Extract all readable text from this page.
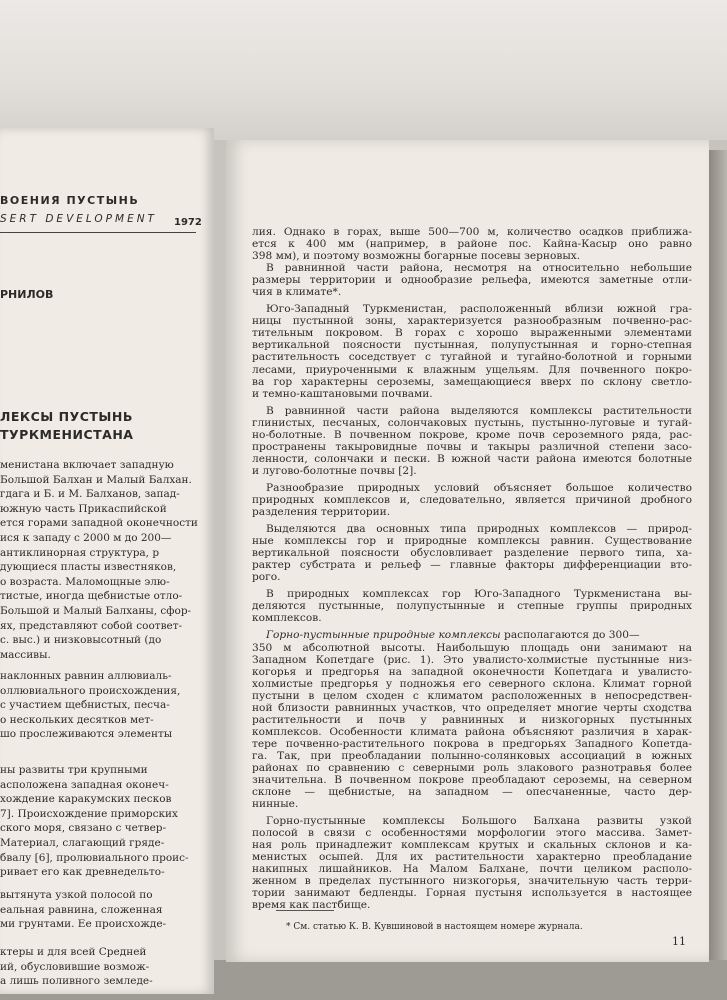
ВОЕНИЯ ПУСТЫНЬ
SERT DEVELOPMENT	1972
РНИЛОВ
ЛЕКСЫ ПУСТЫНЬ
ТУРКМЕНИСТАНА
менистана включает западную
Большой Балхан и Малый Балхан.
гдага и Б. и М. Балханов, запад-
южную часть Прикаспийской
ется горами западной оконечности
ися к западу с 2000 м до 200—
антиклинорная структура, р
дующиеся пласты известняков,
о возраста. Маломощные элю-
тистые, иногда щебнистые отло-
Большой и Малый Балханы, сфор-
ях, представляют собой соответ-
с. выс.) и низковысотный (до
массивы.
наклонных равнин аллювиаль-
оллювиального происхождения,
с участием щебнистых, песча-
о нескольких десятков мет-
шо прослеживаются элементы
ны развиты три крупными
асположена западная оконеч-
хождение каракумских песков
7]. Происхождение приморских
ского моря, связано с четвер-
Материал, слагающий гряде-
бвалу [6], пролювиального проис-
ривает его как древнедельто-
вытянута узкой полосой по
еальная равнина, сложенная
ми грунтами. Ее происхожде-
ктеры и для всей Средней
ий, обусловившие возмож-
а лишь поливного земледе-
лия. Однако в горах, выше 500—700 м, количество осадков приближа-
ется к 400 мм (например, в районе пос. Кайна-Касыр оно равно
398 мм), и поэтому возможны богарные посевы зерновых.
В равнинной части района, несмотря на относительно небольшие
размеры территории и однообразие рельефа, имеются заметные отли-
чия в климате*.
Юго-Западный Туркменистан, расположенный вблизи южной гра-
ницы пустынной зоны, характеризуется разнообразным почвенно-рас-
тительным покровом. В горах с хорошо выраженными элементами
вертикальной поясности пустынная, полупустынная и горно-степная
растительность соседствует с тугайной и тугайно-болотной и горными
лесами, приуроченными к влажным ущельям. Для почвенного покро-
ва гор характерны сероземы, замещающиеся вверх по склону светло-
и темно-каштановыми почвами.
В равнинной части района выделяются комплексы растительности
глинистых, песчаных, солончаковых пустынь, пустынно-луговые и тугай-
но-болотные. В почвенном покрове, кроме почв сероземного ряда, рас-
пространены такыровидные почвы и такыры различной степени засо-
ленности, солончаки и пески. В южной части района имеются болотные
и лугово-болотные почвы [2].
Разнообразие природных условий объясняет большое количество
природных комплексов и, следовательно, является причиной дробного
разделения территории.
Выделяются два основных типа природных комплексов — природ-
ные комплексы гор и природные комплексы равнин. Существование
вертикальной поясности обусловливает разделение первого типа, ха-
рактер субстрата и рельеф — главные факторы дифференциации вто-
рого.
В природных комплексах гор Юго-Западного Туркменистана вы-
деляются пустынные, полупустынные и степные группы природных
комплексов.
Горно-пустынные природные комплексы располагаются до 300—
350 м абсолютной высоты. Наибольшую площадь они занимают на
Западном Копетдаге (рис. 1). Это увалисто-холмистые пустынные низ-
когорья и предгорья на западной оконечности Копетдага и увалисто-
холмистые предгорья у подножья его северного склона. Климат горной
пустыни в целом сходен с климатом расположенных в непосредствен-
ной близости равнинных участков, что определяет многие черты сходства
растительности и почв у равнинных и низкогорных пустынных
комплексов. Особенности климата района объясняют различия в харак-
тере почвенно-растительного покрова в предгорьях Западного Копетда-
га. Так, при преобладании полынно-солянковых ассоциаций в южных
районах по сравнению с северными роль злакового разнотравья более
значительна. В почвенном покрове преобладают сероземы, на северном
склоне — щебнистые, на западном — опесчаненные, часто дер-
нинные.
Горно-пустынные комплексы Большого Балхана развиты узкой
полосой в связи с особенностями морфологии этого массива. Замет-
ная роль принадлежит комплексам крутых и скальных склонов и ка-
менистых осыпей. Для их растительности характерно преобладание
накипных лишайников. На Малом Балхане, почти целиком располо-
женном в пределах пустынного низкогорья, значительную часть терри-
тории занимают бедленды. Горная пустыня используется в настоящее
время как пастбище.
* См. статью К. В. Кувшиновой в настоящем номере журнала.
11
